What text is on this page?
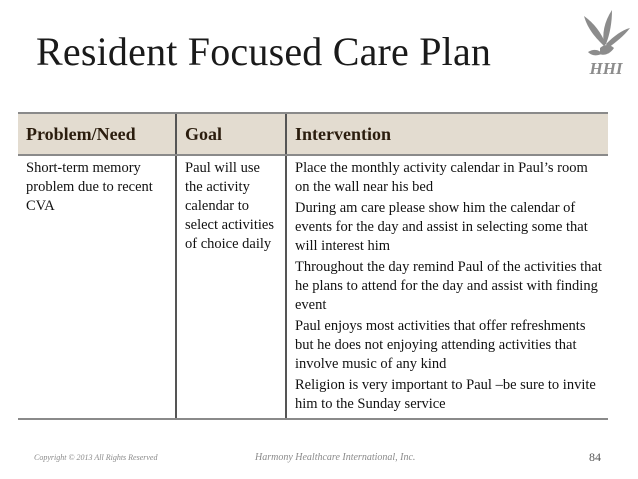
Resident Focused Care Plan	HHI
Problem/Need	Goal	Intervention
Short-term memory problem due to recent CVA	Paul will use the activity calendar to select activities of choice daily	Place the monthly activity calendar in Paul’s room on the wall near his bed

During am care please show him the calendar of events for the day and assist in selecting some that will interest him

Throughout the day remind Paul of the activities that he plans to attend for the day and assist with finding event

Paul enjoys most activities that offer refreshments but he does not enjoying attending activities that involve music of any kind

Religion is very important to Paul –be sure to invite him to the Sunday service

Copyright © 2013 All Rights Reserved	Harmony Healthcare International, Inc.	84
